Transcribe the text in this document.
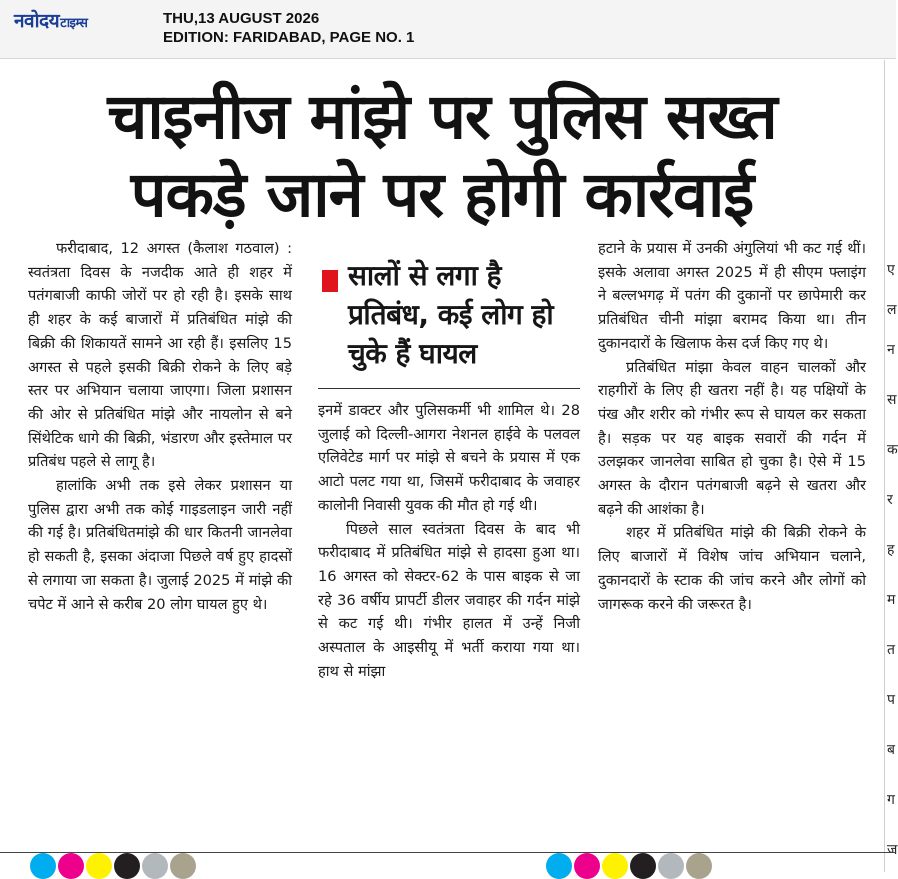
नवोदयटाइम्स	THU,13 AUGUST 2026
EDITION: FARIDABAD, PAGE NO. 1
ए
ल
न
स
क
र
ह
म
त
प
ब
ग
ज
चाइनीज मांझे पर पुलिस सख्त
पकड़े जाने पर होगी कार्रवाई

फरीदाबाद, 12 अगस्त (कैलाश गठवाल) : स्वतंत्रता दिवस के नजदीक आते ही शहर में पतंगबाजी काफी जोरों पर हो रही है। इसके साथ ही शहर के कई बाजारों में प्रतिबंधित मांझे की बिक्री की शिकायतें सामने आ रही हैं। इसलिए 15 अगस्त से पहले इसकी बिक्री रोकने के लिए बड़े स्तर पर अभियान चलाया जाएगा। जिला प्रशासन की ओर से प्रतिबंधित मांझे और नायलोन से बने सिंथेटिक धागे की बिक्री, भंडारण और इस्तेमाल पर प्रतिबंध पहले से लागू है।

हालांकि अभी तक इसे लेकर प्रशासन या पुलिस द्वारा अभी तक कोई गाइडलाइन जारी नहीं की गई है। प्रतिबंधितमांझे की धार कितनी जानलेवा हो सकती है, इसका अंदाजा पिछले वर्ष हुए हादसों से लगाया जा सकता है। जुलाई 2025 में मांझे की चपेट में आने से करीब 20 लोग घायल हुए थे।

सालों से लगा है प्रतिबंध, कई लोग हो चुके हैं घायल

इनमें डाक्टर और पुलिसकर्मी भी शामिल थे। 28 जुलाई को दिल्ली-आगरा नेशनल हाईवे के पलवल एलिवेटेड मार्ग पर मांझे से बचने के प्रयास में एक आटो पलट गया था, जिसमें फरीदाबाद के जवाहर कालोनी निवासी युवक की मौत हो गई थी।

पिछले साल स्वतंत्रता दिवस के बाद भी फरीदाबाद में प्रतिबंधित मांझे से हादसा हुआ था। 16 अगस्त को सेक्टर-62 के पास बाइक से जा रहे 36 वर्षीय प्रापर्टी डीलर जवाहर की गर्दन मांझे से कट गई थी। गंभीर हालत में उन्हें निजी अस्पताल के आइसीयू में भर्ती कराया गया था। हाथ से मांझा

हटाने के प्रयास में उनकी अंगुलियां भी कट गई थीं। इसके अलावा अगस्त 2025 में ही सीएम फ्लाइंग ने बल्लभगढ़ में पतंग की दुकानों पर छापेमारी कर प्रतिबंधित चीनी मांझा बरामद किया था। तीन दुकानदारों के खिलाफ केस दर्ज किए गए थे।

प्रतिबंधित मांझा केवल वाहन चालकों और राहगीरों के लिए ही खतरा नहीं है। यह पक्षियों के पंख और शरीर को गंभीर रूप से घायल कर सकता है। सड़क पर यह बाइक सवारों की गर्दन में उलझकर जानलेवा साबित हो चुका है। ऐसे में 15 अगस्त के दौरान पतंगबाजी बढ़ने से खतरा और बढ़ने की आशंका है।

शहर में प्रतिबंधित मांझे की बिक्री रोकने के लिए बाजारों में विशेष जांच अभियान चलाने, दुकानदारों के स्टाक की जांच करने और लोगों को जागरूक करने की जरूरत है।
